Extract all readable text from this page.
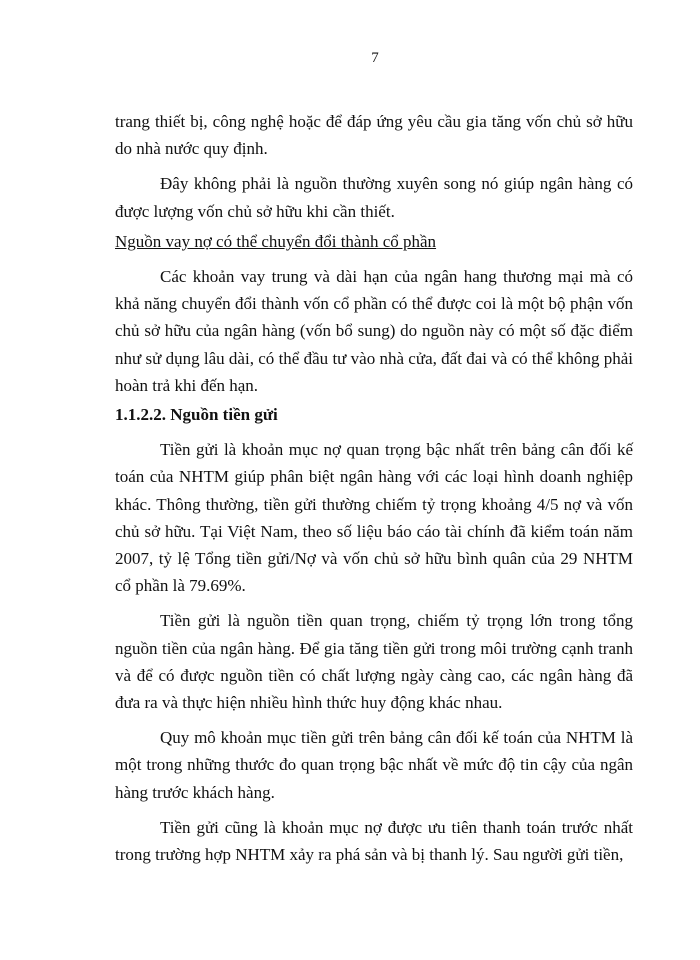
7

trang thiết bị, công nghệ hoặc để đáp ứng yêu cầu gia tăng vốn chủ sở hữu do nhà nước quy định.

Đây không phải là nguồn thường xuyên song nó giúp ngân hàng có được lượng vốn chủ sở hữu khi cần thiết.

Nguồn vay nợ có thể chuyển đổi thành cổ phần

Các khoản vay trung và dài hạn của ngân hang thương mại mà có khả năng chuyển đổi thành vốn cổ phần có thể được coi là một bộ phận vốn chủ sở hữu của ngân hàng (vốn bổ sung) do nguồn này có một số đặc điểm như sử dụng lâu dài, có thể đầu tư vào nhà cửa, đất đai và có thể không phải hoàn trả khi đến hạn.

1.1.2.2. Nguồn tiền gửi

Tiền gửi là khoản mục nợ quan trọng bậc nhất trên bảng cân đối kế toán của NHTM giúp phân biệt ngân hàng với các loại hình doanh nghiệp khác. Thông thường, tiền gửi thường chiếm tỷ trọng khoảng 4/5 nợ và vốn chủ sở hữu. Tại Việt Nam, theo số liệu báo cáo tài chính đã kiểm toán năm 2007, tỷ lệ Tổng tiền gửi/Nợ và vốn chủ sở hữu bình quân của 29 NHTM cổ phần là 79.69%.

Tiền gửi là nguồn tiền quan trọng, chiếm tỷ trọng lớn trong tổng nguồn tiền của ngân hàng. Để gia tăng tiền gửi trong môi trường cạnh tranh và để có được nguồn tiền có chất lượng ngày càng cao, các ngân hàng đã đưa ra và thực hiện nhiều hình thức huy động khác nhau.

Quy mô khoản mục tiền gửi trên bảng cân đối kế toán của NHTM là một trong những thước đo quan trọng bậc nhất về mức độ tin cậy của ngân hàng trước khách hàng.

Tiền gửi cũng là khoản mục nợ được ưu tiên thanh toán trước nhất trong trường hợp NHTM xảy ra phá sản và bị thanh lý. Sau người gửi tiền,
